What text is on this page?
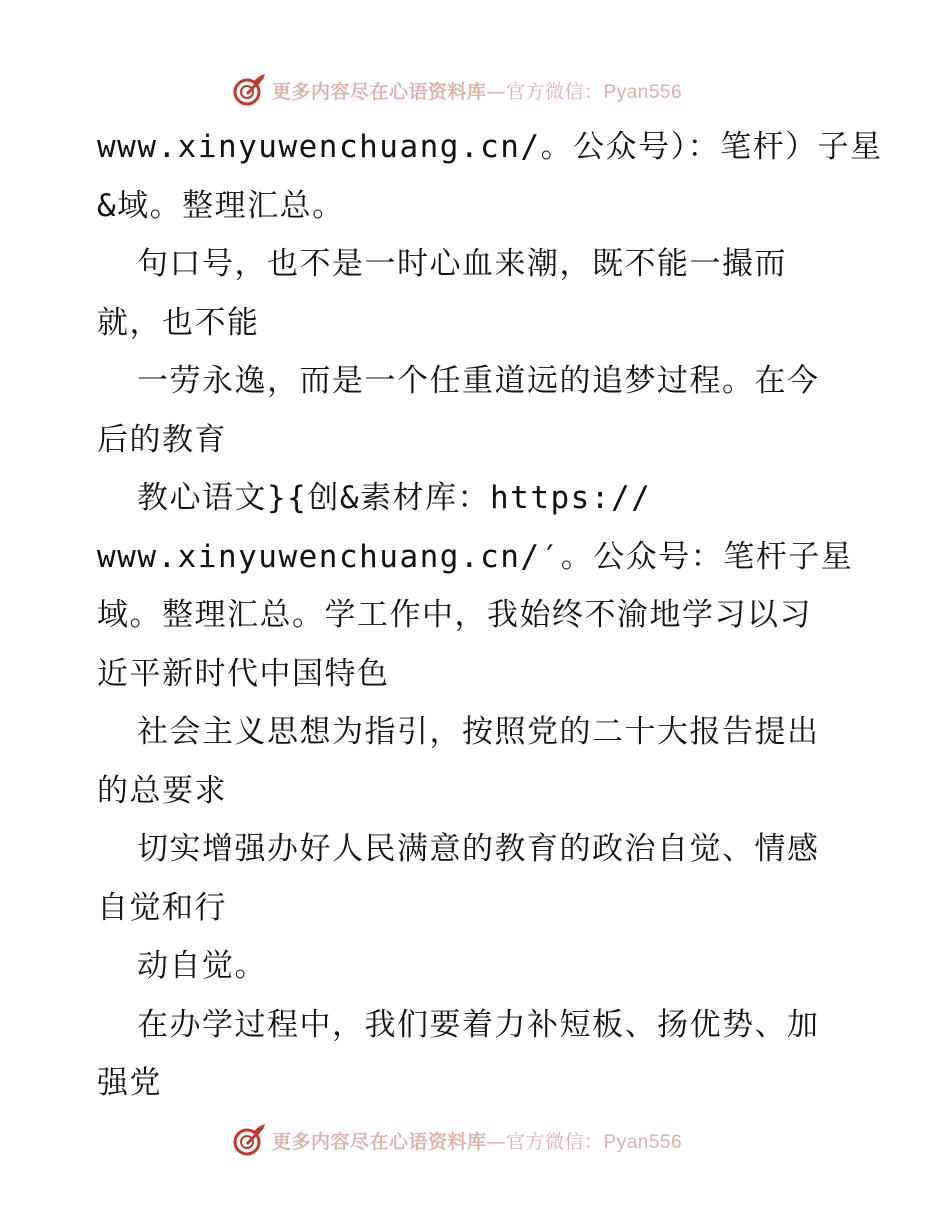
更多内容尽在心语资料库—官方微信：Pyan556
www.xinyuwenchuang.cn/。公众号）：笔杆）子星
&域。整理汇总。
句口号，也不是一时心血来潮，既不能一撮而
就，也不能
一劳永逸，而是一个任重道远的追梦过程。在今
后的教育
教心语文}{创&素材库：https://
www.xinyuwenchuang.cn/′。公众号：笔杆子星
域。整理汇总。学工作中，我始终不渝地学习以习
近平新时代中国特色
社会主义思想为指引，按照党的二十大报告提出
的总要求
切实增强办好人民满意的教育的政治自觉、情感
自觉和行
动自觉。
在办学过程中，我们要着力补短板、扬优势、加
强党
更多内容尽在心语资料库—官方微信：Pyan556
